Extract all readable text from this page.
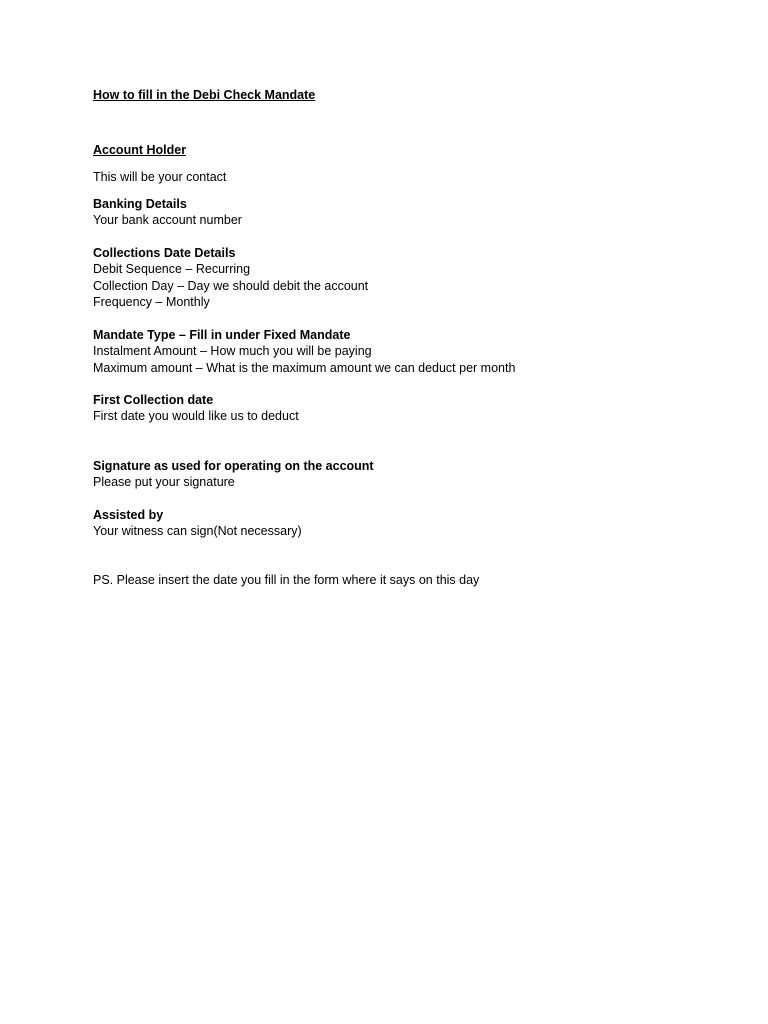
How to fill in the Debi Check Mandate
Account Holder
This will be your contact
Banking Details
Your bank account number
Collections Date Details
Debit Sequence – Recurring
Collection Day – Day we should debit the account
Frequency – Monthly
Mandate Type – Fill in under Fixed Mandate
Instalment Amount – How much you will be paying
Maximum amount – What is the maximum amount we can deduct per month
First Collection date
First date you would like us to deduct
Signature as used for operating on the account
Please put your signature
Assisted by
Your witness can sign(Not necessary)
PS. Please insert the date you fill in the form where it says on this day
